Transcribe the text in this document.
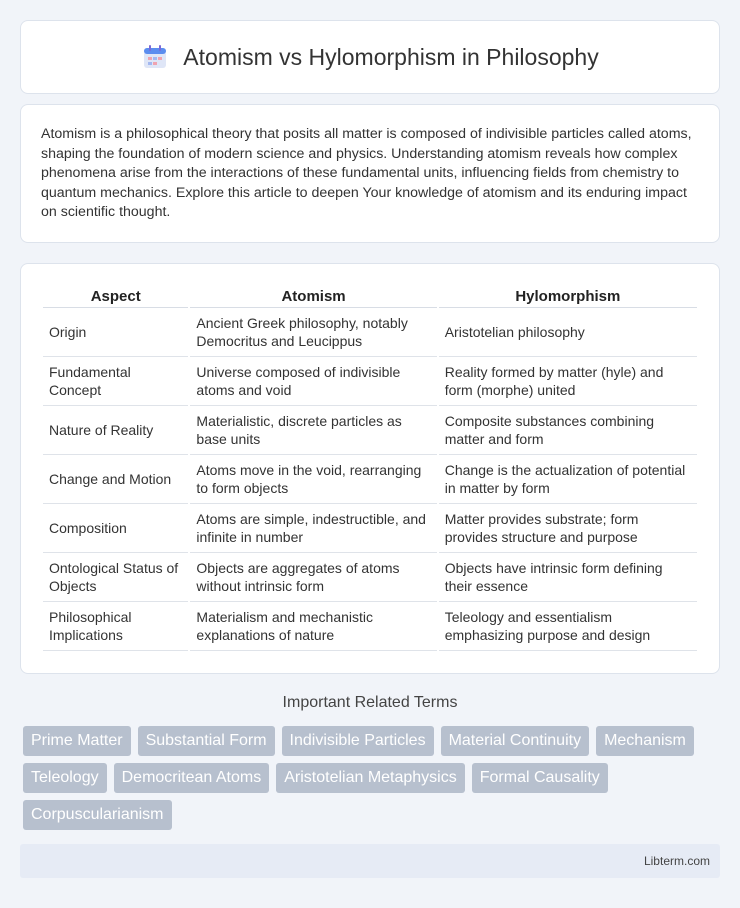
Atomism vs Hylomorphism in Philosophy

Atomism is a philosophical theory that posits all matter is composed of indivisible particles called atoms, shaping the foundation of modern science and physics. Understanding atomism reveals how complex phenomena arise from the interactions of these fundamental units, influencing fields from chemistry to quantum mechanics. Explore this article to deepen Your knowledge of atomism and its enduring impact on scientific thought.

Aspect	Atomism	Hylomorphism
Origin	Ancient Greek philosophy, notably Democritus and Leucippus	Aristotelian philosophy
Fundamental Concept	Universe composed of indivisible atoms and void	Reality formed by matter (hyle) and form (morphe) united
Nature of Reality	Materialistic, discrete particles as base units	Composite substances combining matter and form
Change and Motion	Atoms move in the void, rearranging to form objects	Change is the actualization of potential in matter by form
Composition	Atoms are simple, indestructible, and infinite in number	Matter provides substrate; form provides structure and purpose
Ontological Status of Objects	Objects are aggregates of atoms without intrinsic form	Objects have intrinsic form defining their essence
Philosophical Implications	Materialism and mechanistic explanations of nature	Teleology and essentialism emphasizing purpose and design
Important Related Terms
Prime Matter	Substantial Form	Indivisible Particles	Material Continuity	Mechanism
Teleology	Democritean Atoms	Aristotelian Metaphysics	Formal Causality
Corpuscularianism
Libterm.com
